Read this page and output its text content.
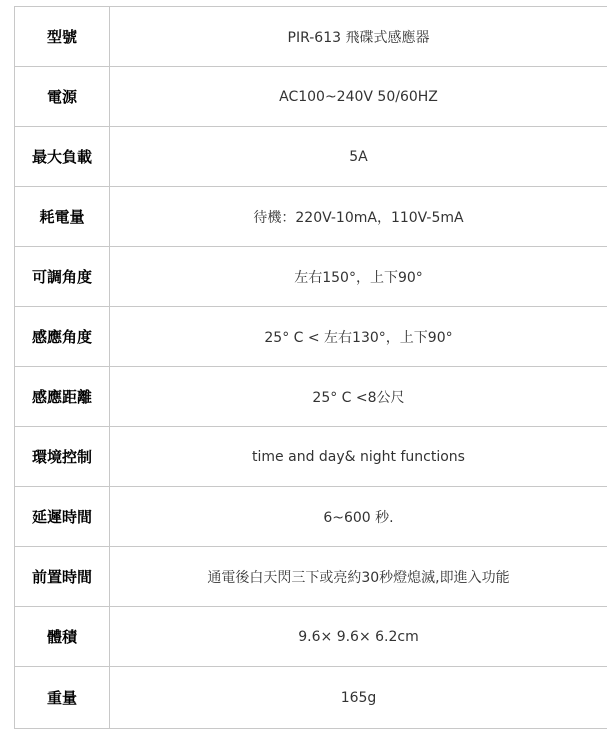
型號	PIR-613 飛碟式感應器
電源	AC100~240V 50/60HZ
最大負載	5A
耗電量	待機：220V-10mA，110V-5mA
可調角度	左右150°，上下90°
感應角度	25° C < 左右130°，上下90°
感應距離	25° C <8公尺
環境控制	time and day& night functions
延遲時間	6~600 秒.
前置時間	通電後白天閃三下或亮約30秒燈熄滅,即進入功能
體積	9.6× 9.6× 6.2cm
重量	165g
